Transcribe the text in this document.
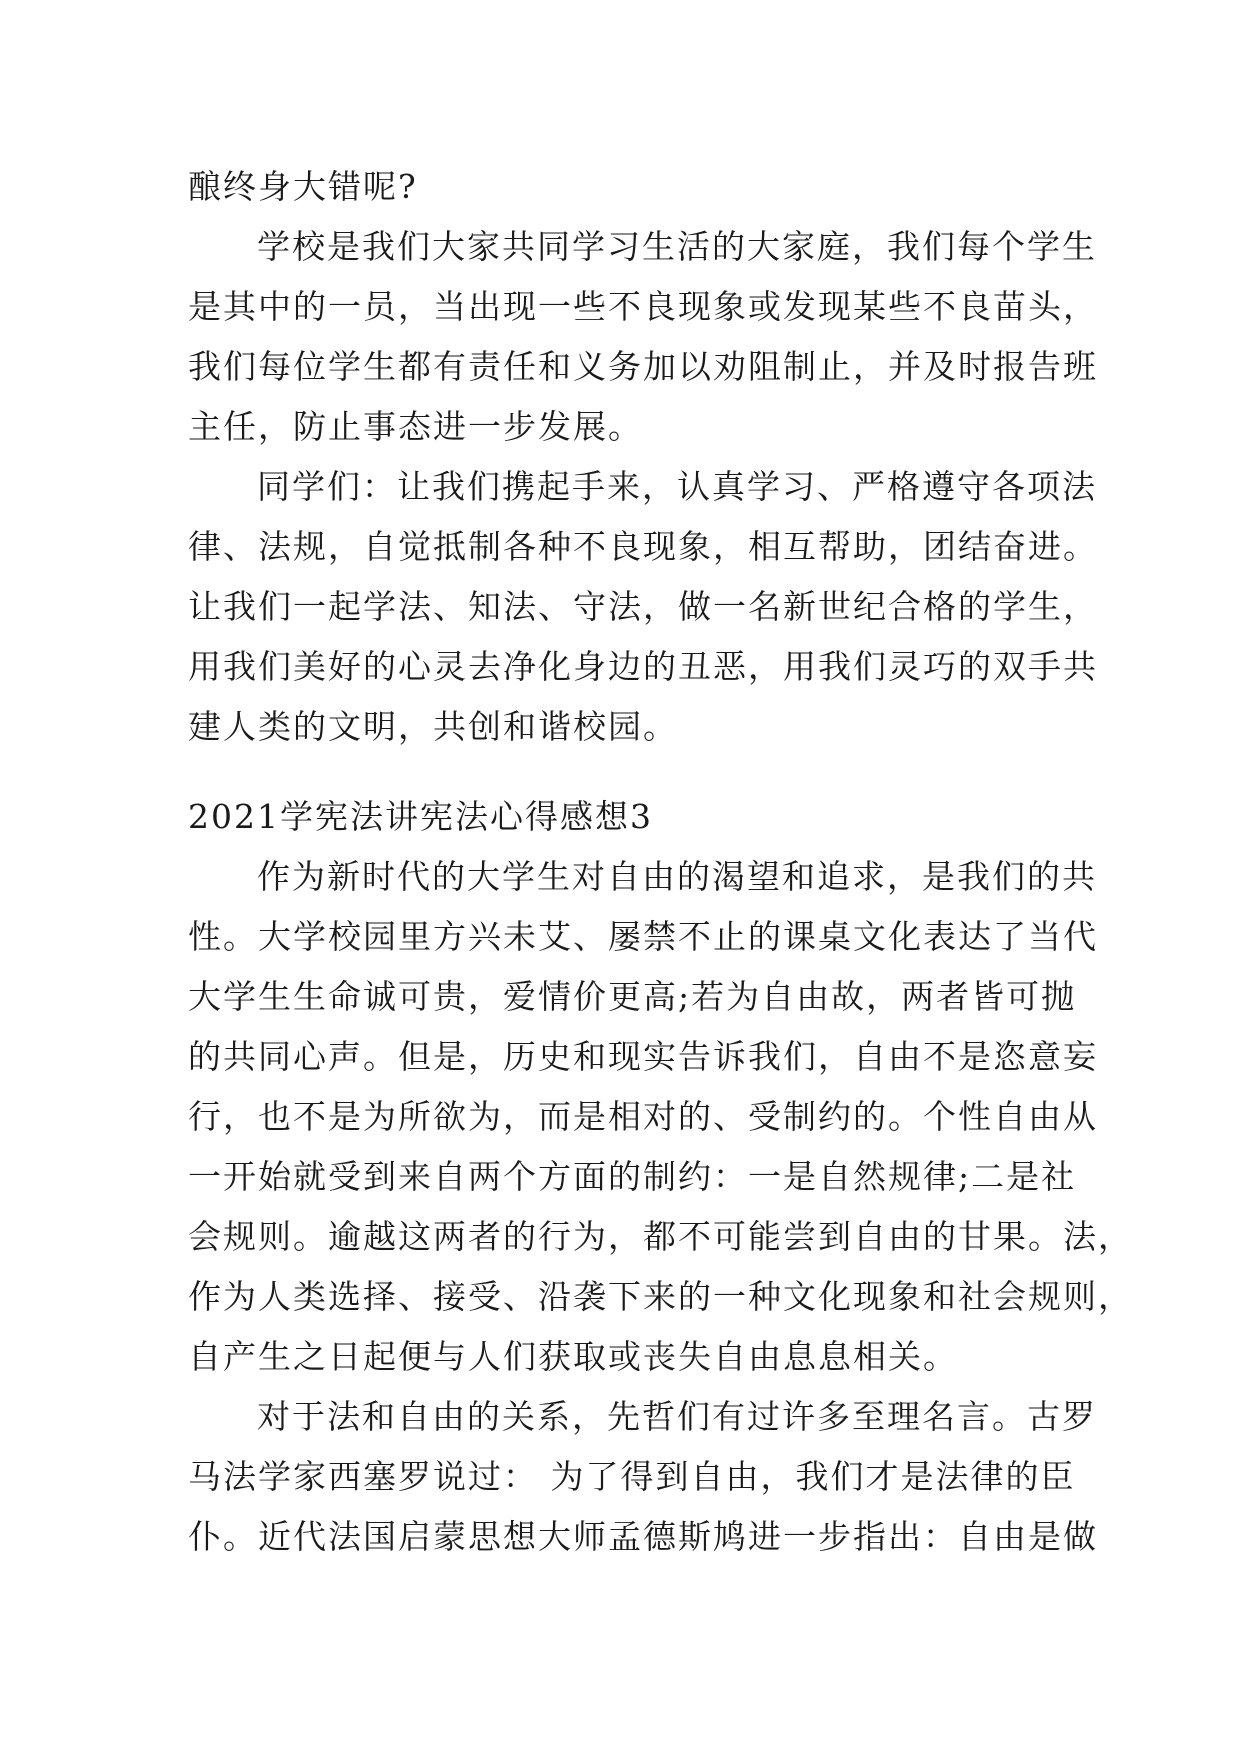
酿终身大错呢?
学校是我们大家共同学习生活的大家庭，我们每个学生
是其中的一员，当出现一些不良现象或发现某些不良苗头，
我们每位学生都有责任和义务加以劝阻制止，并及时报告班
主任，防止事态进一步发展。
同学们：让我们携起手来，认真学习、严格遵守各项法
律、法规，自觉抵制各种不良现象，相互帮助，团结奋进。
让我们一起学法、知法、守法，做一名新世纪合格的学生，
用我们美好的心灵去净化身边的丑恶，用我们灵巧的双手共
建人类的文明，共创和谐校园。
2021学宪法讲宪法心得感想3
作为新时代的大学生对自由的渴望和追求，是我们的共
性。大学校园里方兴未艾、屡禁不止的课桌文化表达了当代
大学生生命诚可贵，爱情价更高;若为自由故，两者皆可抛
的共同心声。但是，历史和现实告诉我们，自由不是恣意妄
行，也不是为所欲为，而是相对的、受制约的。个性自由从
一开始就受到来自两个方面的制约：一是自然规律;二是社
会规则。逾越这两者的行为，都不可能尝到自由的甘果。法，
作为人类选择、接受、沿袭下来的一种文化现象和社会规则，
自产生之日起便与人们获取或丧失自由息息相关。
对于法和自由的关系，先哲们有过许多至理名言。古罗
马法学家西塞罗说过： 为了得到自由，我们才是法律的臣
仆。近代法国启蒙思想大师孟德斯鸠进一步指出：自由是做
